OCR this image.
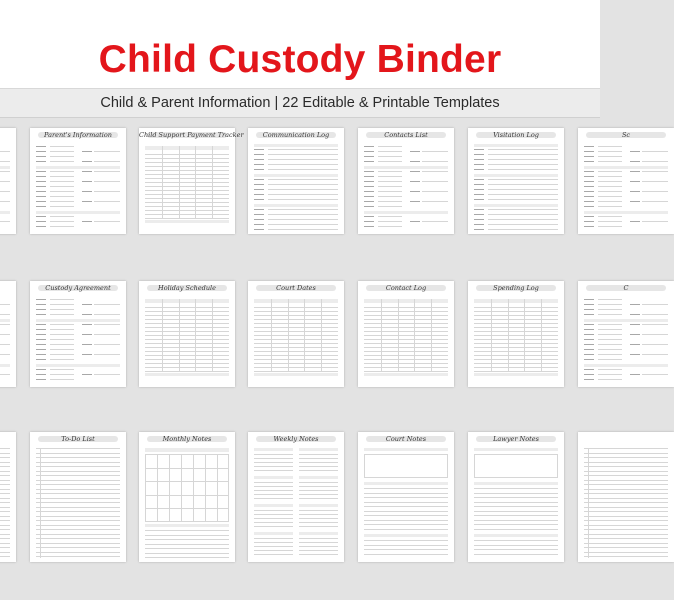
Child Custody Binder
Child & Parent Information | 22 Editable & Printable Templates
Parent's Information	Child Support Payment Tracker	Communication Log	Contacts List	Visitation Log	Sc
Custody Agreement	Holiday Schedule	Court Dates	Contact Log	Spending Log	C
To-Do List	Monthly Notes	Weekly Notes	Court Notes	Lawyer Notes
